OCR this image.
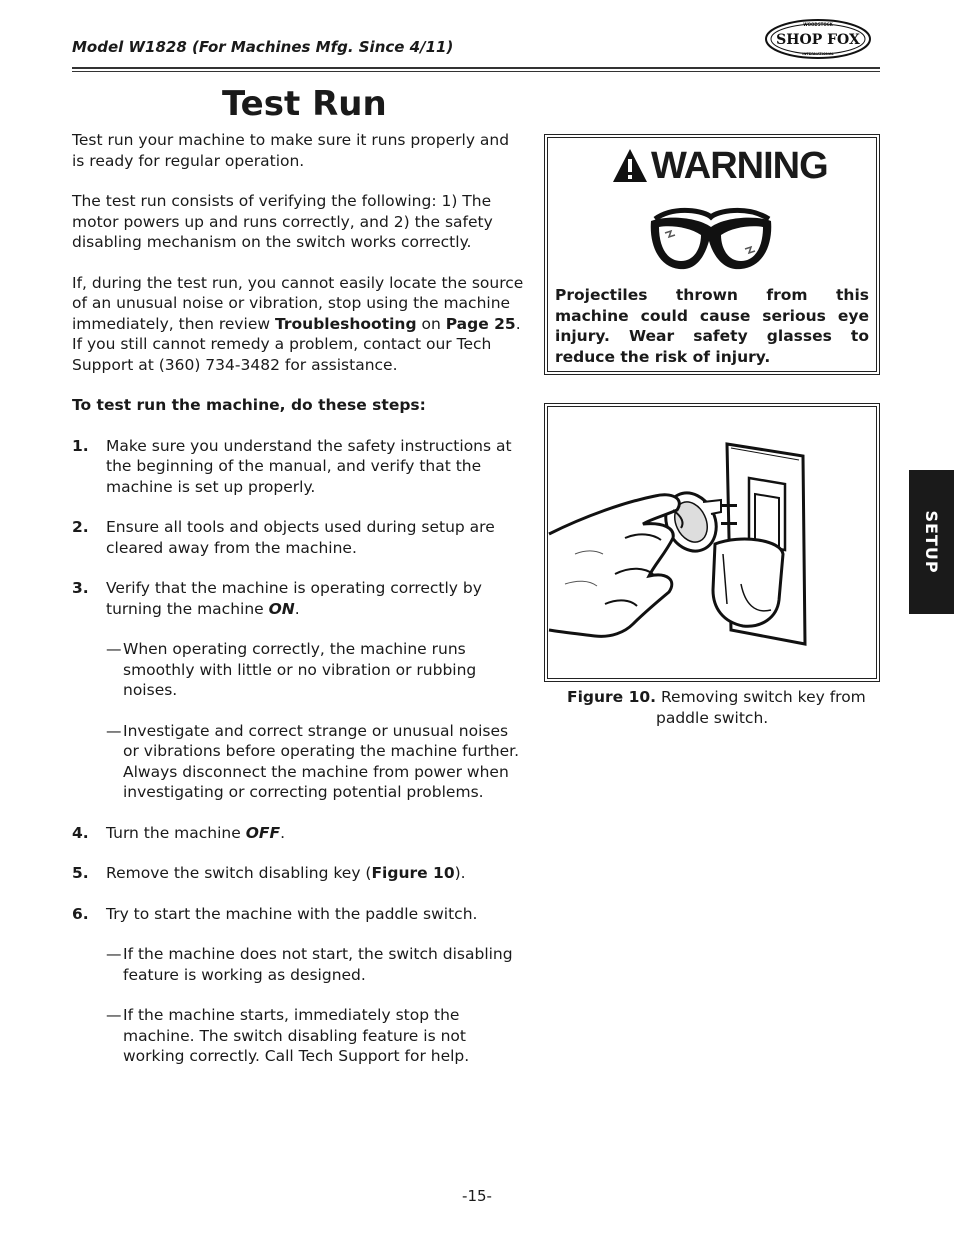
Model W1828 (For Machines Mfg. Since 4/11)
WOODSTOCK
SHOP FOX
INTERNATIONAL
Test Run

Test run your machine to make sure it runs properly and is ready for regular operation.

The test run consists of verifying the following: 1) The motor powers up and runs correctly, and 2) the safety disabling mechanism on the switch works correctly.

If, during the test run, you cannot easily locate the source of an unusual noise or vibration, stop using the machine immediately, then review Troubleshooting on Page 25. If you still cannot remedy a problem, contact our Tech Support at (360) 734-3482 for assistance.

To test run the machine, do these steps:

1. Make sure you understand the safety instructions at the beginning of the manual, and verify that the machine is set up properly.
2. Ensure all tools and objects used during setup are cleared away from the machine.
3. Verify that the machine is operating correctly by turning the machine ON.
— When operating correctly, the machine runs smoothly with little or no vibration or rubbing noises.
— Investigate and correct strange or unusual noises or vibrations before operating the machine further. Always disconnect the machine from power when investigating or correcting potential problems.
4. Turn the machine OFF.
5. Remove the switch disabling key (Figure 10).
6. Try to start the machine with the paddle switch.
— If the machine does not start, the switch disabling feature is working as designed.
— If the machine starts, immediately stop the machine. The switch disabling feature is not working correctly. Call Tech Support for help.
WARNING
Projectiles thrown from this machine could cause serious eye injury. Wear safety glasses to reduce the risk of injury.
Figure 10. Removing switch key from
paddle switch.
SETUP
-15-
